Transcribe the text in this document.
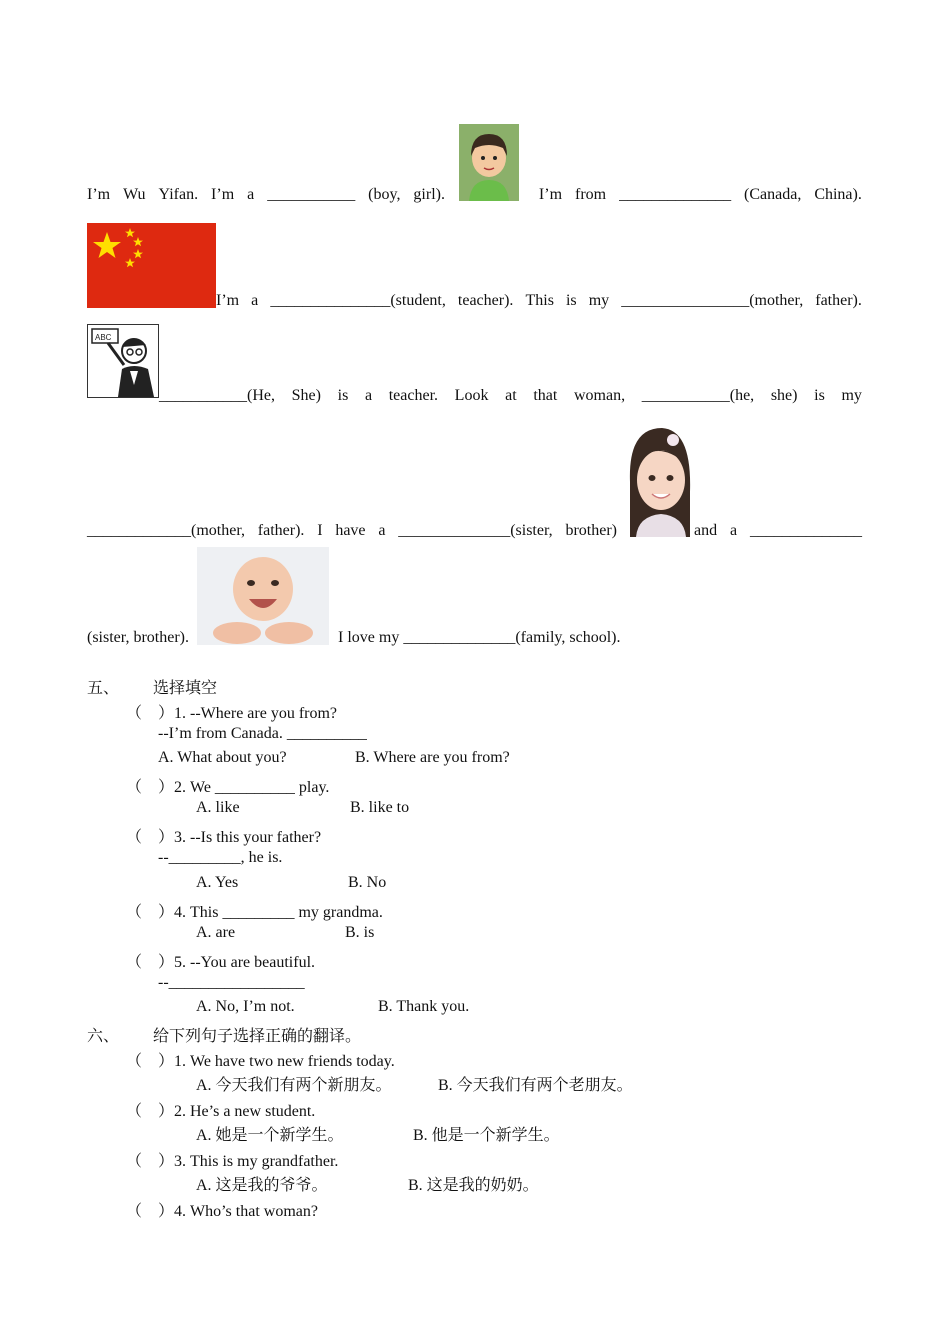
ABC
I’m Wu Yifan. I’m a ___________ (boy, girl).	I’m from ______________ (Canada, China).
I’m a _______________(student, teacher). This is my ________________(mother, father).
___________(He, She) is a teacher. Look at that woman, ___________(he, she) is my
_____________(mother, father). I have a ______________(sister, brother)	and a ______________
(sister, brother).	I love my ______________(family, school).
五、 选择填空
（    ）1. --Where are you from?
--I’m from Canada. __________
A. What about you?	B. Where are you from?
（    ）2. We __________ play.
A. like	B. like to
（    ）3. --Is this your father?
--_________, he is.
A. Yes	B. No
（    ）4. This _________ my grandma.
A. are	B. is
（    ）5. --You are beautiful.
--_________________
A. No, I’m not.	B. Thank you.
六、 给下列句子选择正确的翻译。
（    ）1. We have two new friends today.
A. 今天我们有两个新朋友。	B. 今天我们有两个老朋友。
（    ）2. He’s a new student.
A. 她是一个新学生。	B. 他是一个新学生。
（    ）3. This is my grandfather.
A. 这是我的爷爷。	B. 这是我的奶奶。
（    ）4. Who’s that woman?
